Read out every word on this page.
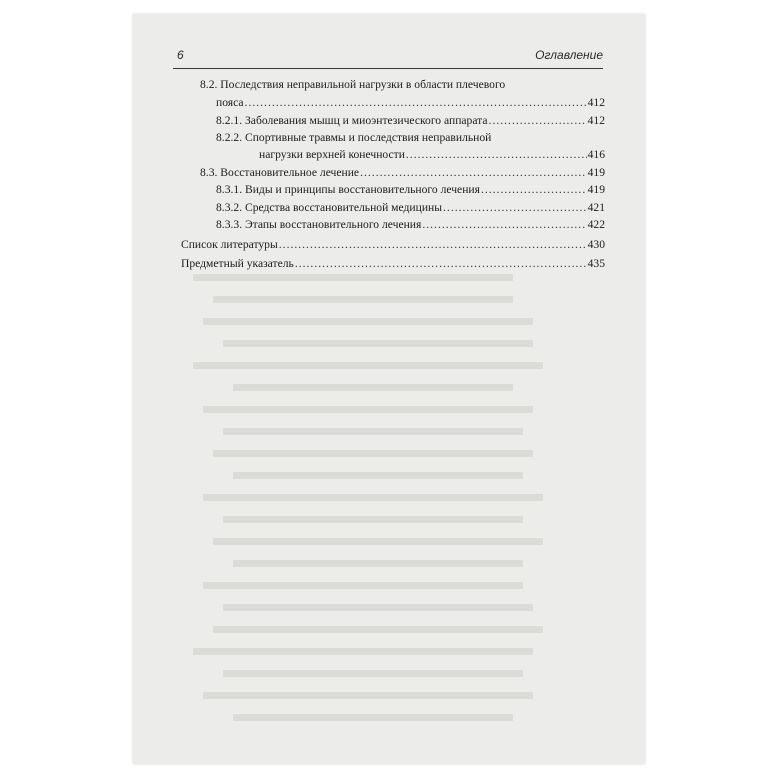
6	Оглавление
8.2. Последствия неправильной нагрузки в области плечевого
пояса .....	412
8.2.1. Заболевания мышц и миоэнтезического аппарата .....	412
8.2.2. Спортивные травмы и последствия неправильной
нагрузки верхней конечности .....	416
8.3. Восстановительное лечение .....	419
8.3.1. Виды и принципы восстановительного лечения .....	419
8.3.2. Средства восстановительной медицины .....	421
8.3.3. Этапы восстановительного лечения .....	422
Список литературы .....	430
Предметный указатель .....	435
